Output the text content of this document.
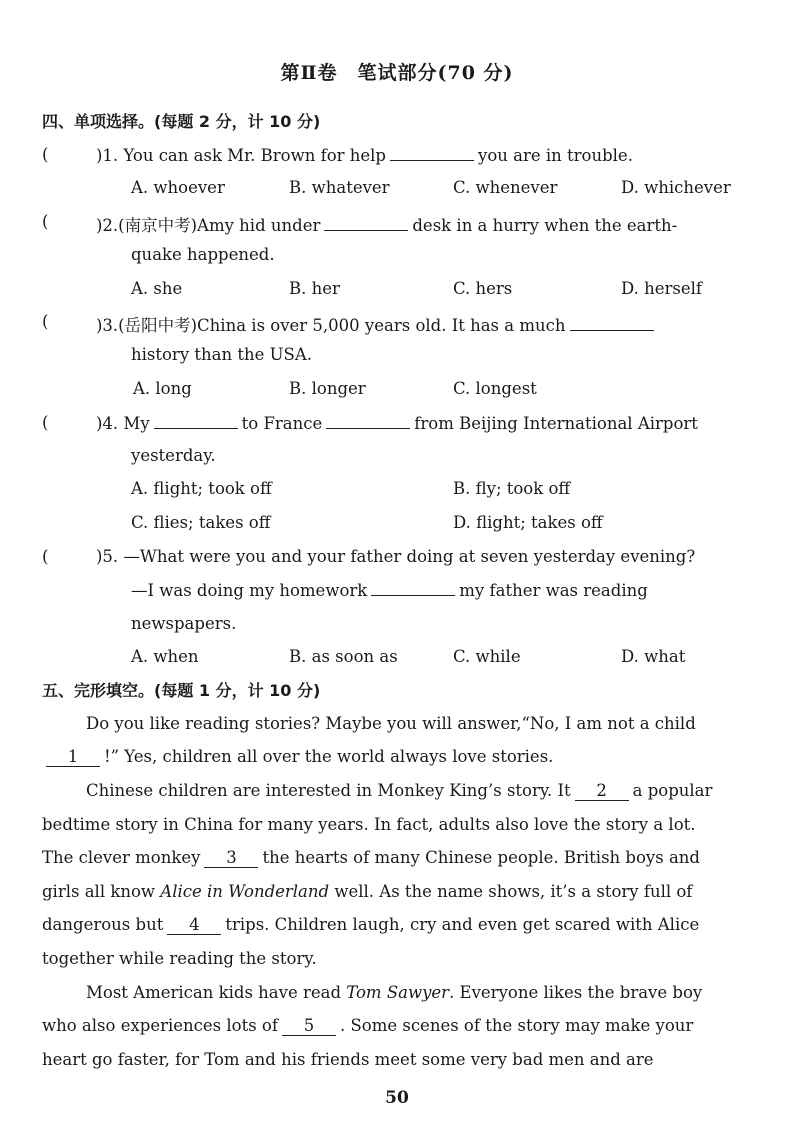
第Ⅱ卷　笔试部分(70 分)
四、单项选择。(每题 2 分，计 10 分)
(	)1. You can ask Mr. Brown for help	you are in trouble.
A. whoever	B. whatever	C. whenever	D. whichever
(	)2.(南京中考)Amy hid under	desk in a hurry when the earth-
quake happened.
A. she	B. her	C. hers	D. herself
(	)3.(岳阳中考)China is over 5,000 years old. It has a much
history than the USA.
A. long	B. longer	C. longest
(	)4. My	to France	from Beijing International Airport
yesterday.
A. flight; took off	B. fly; took off
C. flies; takes off	D. flight; takes off
(	)5. —What were you and your father doing at seven yesterday evening?
—I was doing my homework	my father was reading
newspapers.
A. when	B. as soon as	C. while	D. what
五、完形填空。(每题 1 分，计 10 分)
Do you like reading stories? Maybe you will answer,“No, I am not a child
1 !” Yes, children all over the world always love stories.
Chinese children are interested in Monkey King’s story. It 2 a popular
bedtime story in China for many years. In fact, adults also love the story a lot.
The clever monkey 3 the hearts of many Chinese people. British boys and
girls all know Alice in Wonderland well. As the name shows, it’s a story full of
dangerous but 4 trips. Children laugh, cry and even get scared with Alice
together while reading the story.
Most American kids have read Tom Sawyer. Everyone likes the brave boy
who also experiences lots of 5 . Some scenes of the story may make your
heart go faster, for Tom and his friends meet some very bad men and are
50
